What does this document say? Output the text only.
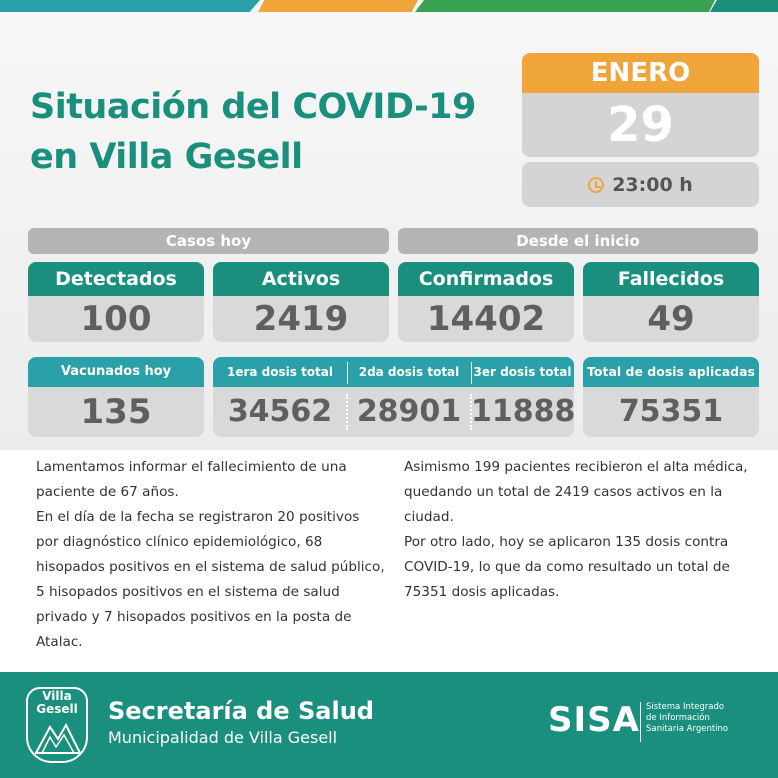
Situación del COVID-19
en Villa Gesell
ENERO
29
23:00 h
Casos hoy	Desde el inicio
Detectados
100
Activos
2419
Confirmados
14402
Fallecidos
49
Vacunados hoy
135
1era dosis total	2da dosis total	3er dosis total
34562 28901 11888
Total de dosis aplicadas
75351

Lamentamos informar el fallecimiento de una paciente de 67 años.

En el día de la fecha se registraron 20 positivos por diagnóstico clínico epidemiológico, 68 hisopados positivos en el sistema de salud público, 5 hisopados positivos en el sistema de salud privado y 7 hisopados positivos en la posta de Atalac.

Asimismo 199 pacientes recibieron el alta médica, quedando un total de 2419 casos activos en la ciudad.

Por otro lado, hoy se aplicaron 135 dosis contra COVID-19, lo que da como resultado un total de 75351 dosis aplicadas.

Villa
Gesell	Secretaría de Salud
Municipalidad de Villa Gesell	SISA Sistema Integrado de Información Sanitaria Argentino
